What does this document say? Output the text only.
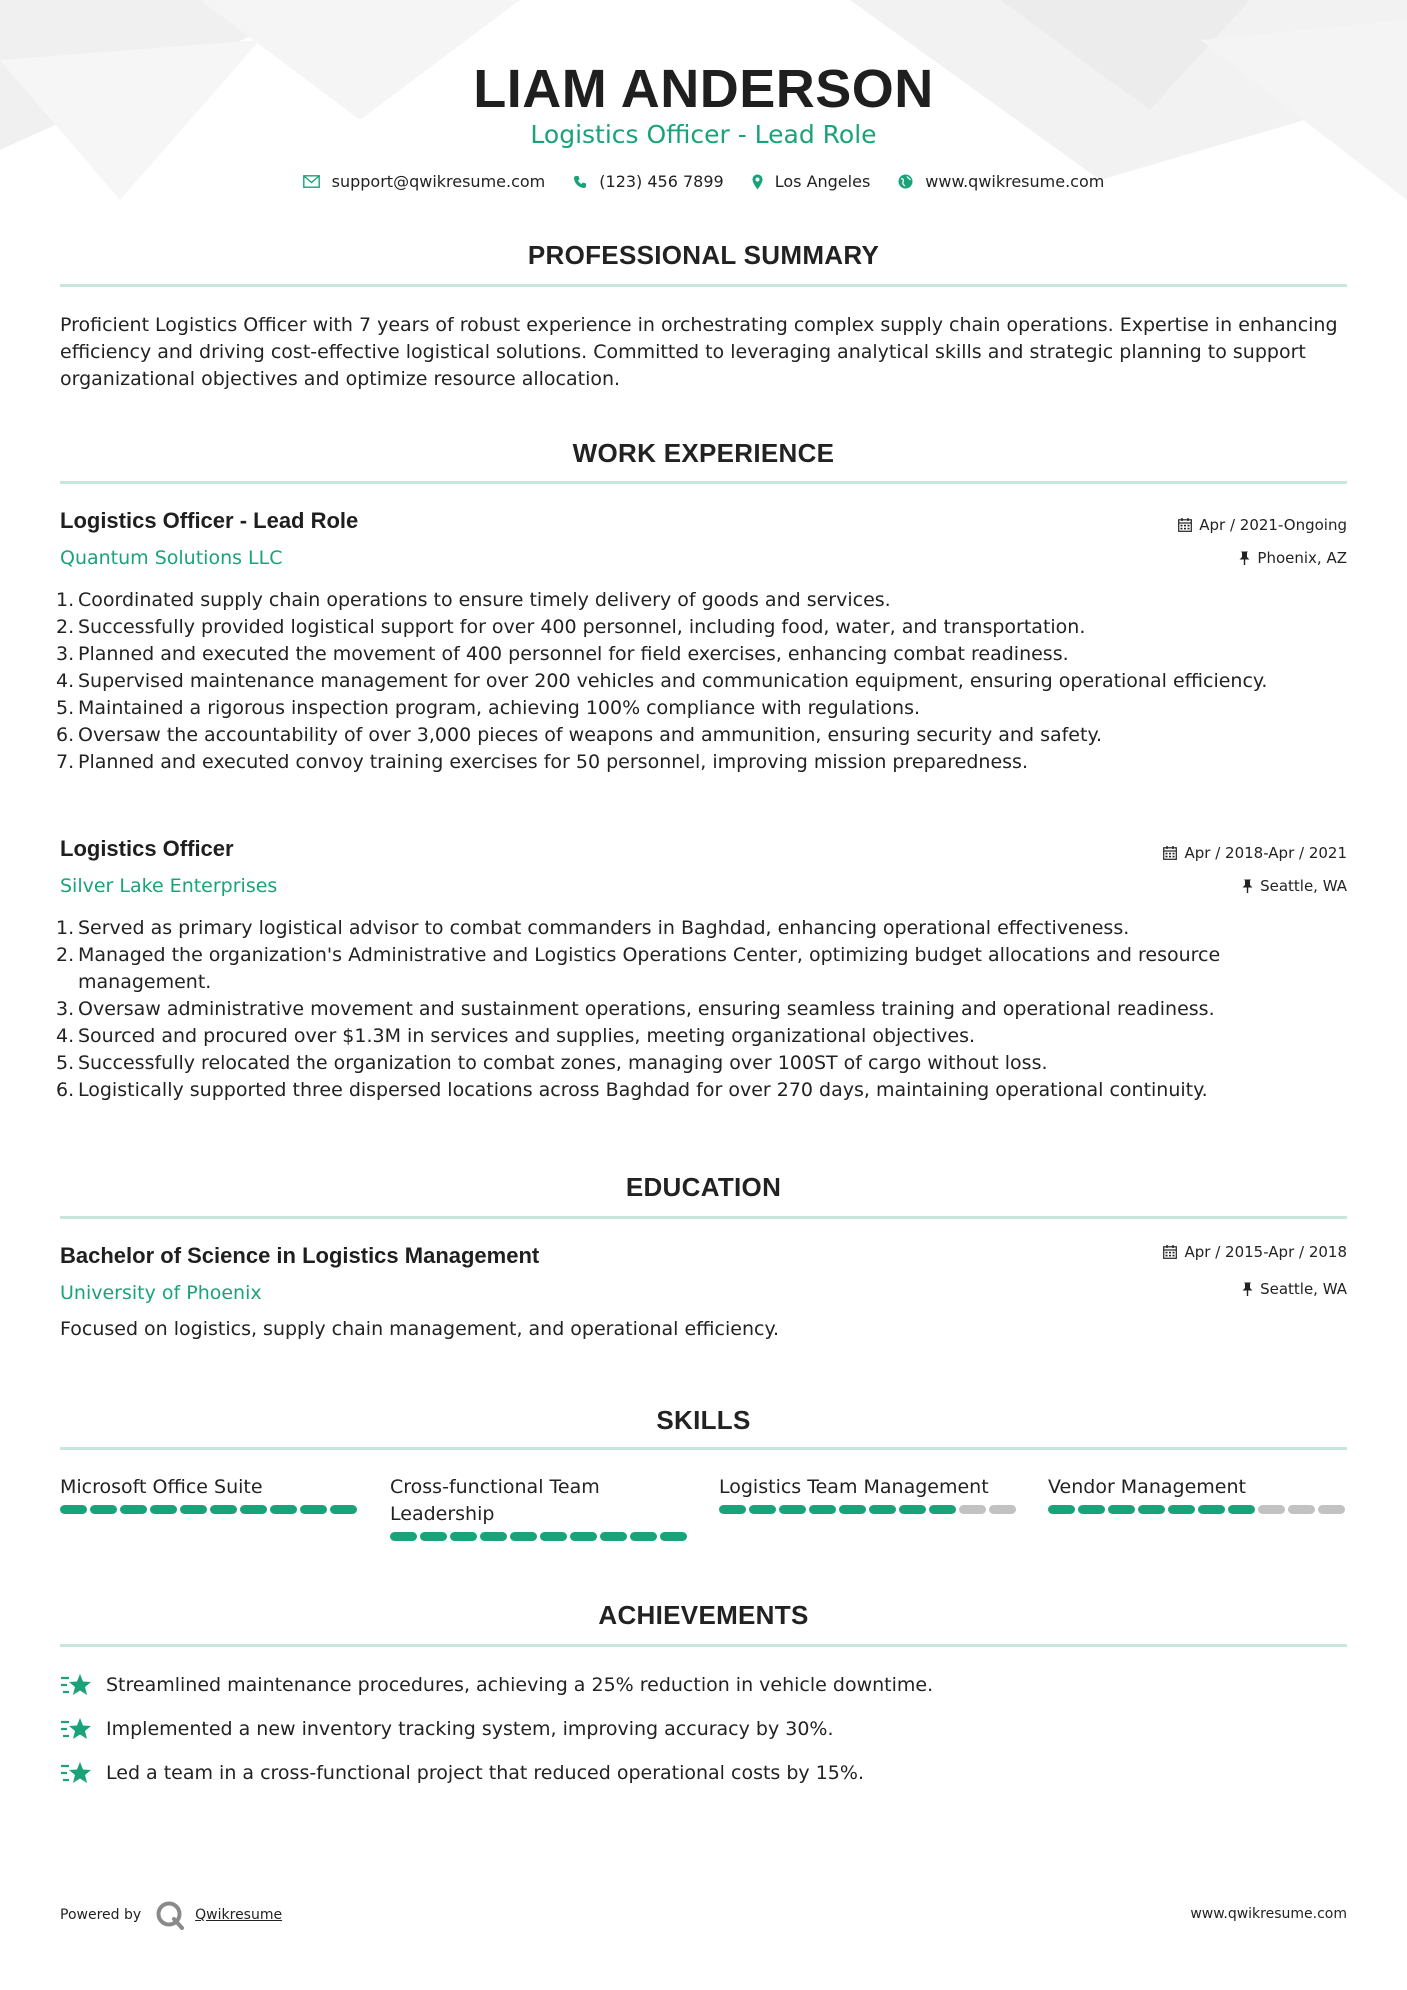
LIAM ANDERSON
Logistics Officer - Lead Role
support@qwikresume.com	(123) 456 7899	Los Angeles	www.qwikresume.com
PROFESSIONAL SUMMARY

Proficient Logistics Officer with 7 years of robust experience in orchestrating complex supply chain operations. Expertise in enhancing efficiency and driving cost-effective logistical solutions. Committed to leveraging analytical skills and strategic planning to support organizational objectives and optimize resource allocation.

WORK EXPERIENCE
Logistics Officer - Lead Role
Quantum Solutions LLC
Apr / 2021-Ongoing
Phoenix, AZ
1. Coordinated supply chain operations to ensure timely delivery of goods and services.
2. Successfully provided logistical support for over 400 personnel, including food, water, and transportation.
3. Planned and executed the movement of 400 personnel for field exercises, enhancing combat readiness.
4. Supervised maintenance management for over 200 vehicles and communication equipment, ensuring operational efficiency.
5. Maintained a rigorous inspection program, achieving 100% compliance with regulations.
6. Oversaw the accountability of over 3,000 pieces of weapons and ammunition, ensuring security and safety.
7. Planned and executed convoy training exercises for 50 personnel, improving mission preparedness.
Logistics Officer
Silver Lake Enterprises
Apr / 2018-Apr / 2021
Seattle, WA
1. Served as primary logistical advisor to combat commanders in Baghdad, enhancing operational effectiveness.
2. Managed the organization's Administrative and Logistics Operations Center, optimizing budget allocations and resource management.
3. Oversaw administrative movement and sustainment operations, ensuring seamless training and operational readiness.
4. Sourced and procured over $1.3M in services and supplies, meeting organizational objectives.
5. Successfully relocated the organization to combat zones, managing over 100ST of cargo without loss.
6. Logistically supported three dispersed locations across Baghdad for over 270 days, maintaining operational continuity.
EDUCATION
Bachelor of Science in Logistics Management
University of Phoenix
Apr / 2015-Apr / 2018
Seattle, WA

Focused on logistics, supply chain management, and operational efficiency.

SKILLS
Microsoft Office Suite	Cross-functional Team Leadership
Logistics Team Management	Vendor Management
ACHIEVEMENTS
Streamlined maintenance procedures, achieving a 25% reduction in vehicle downtime.
Implemented a new inventory tracking system, improving accuracy by 30%.
Led a team in a cross-functional project that reduced operational costs by 15%.
Powered by	Qwikresume	www.qwikresume.com
